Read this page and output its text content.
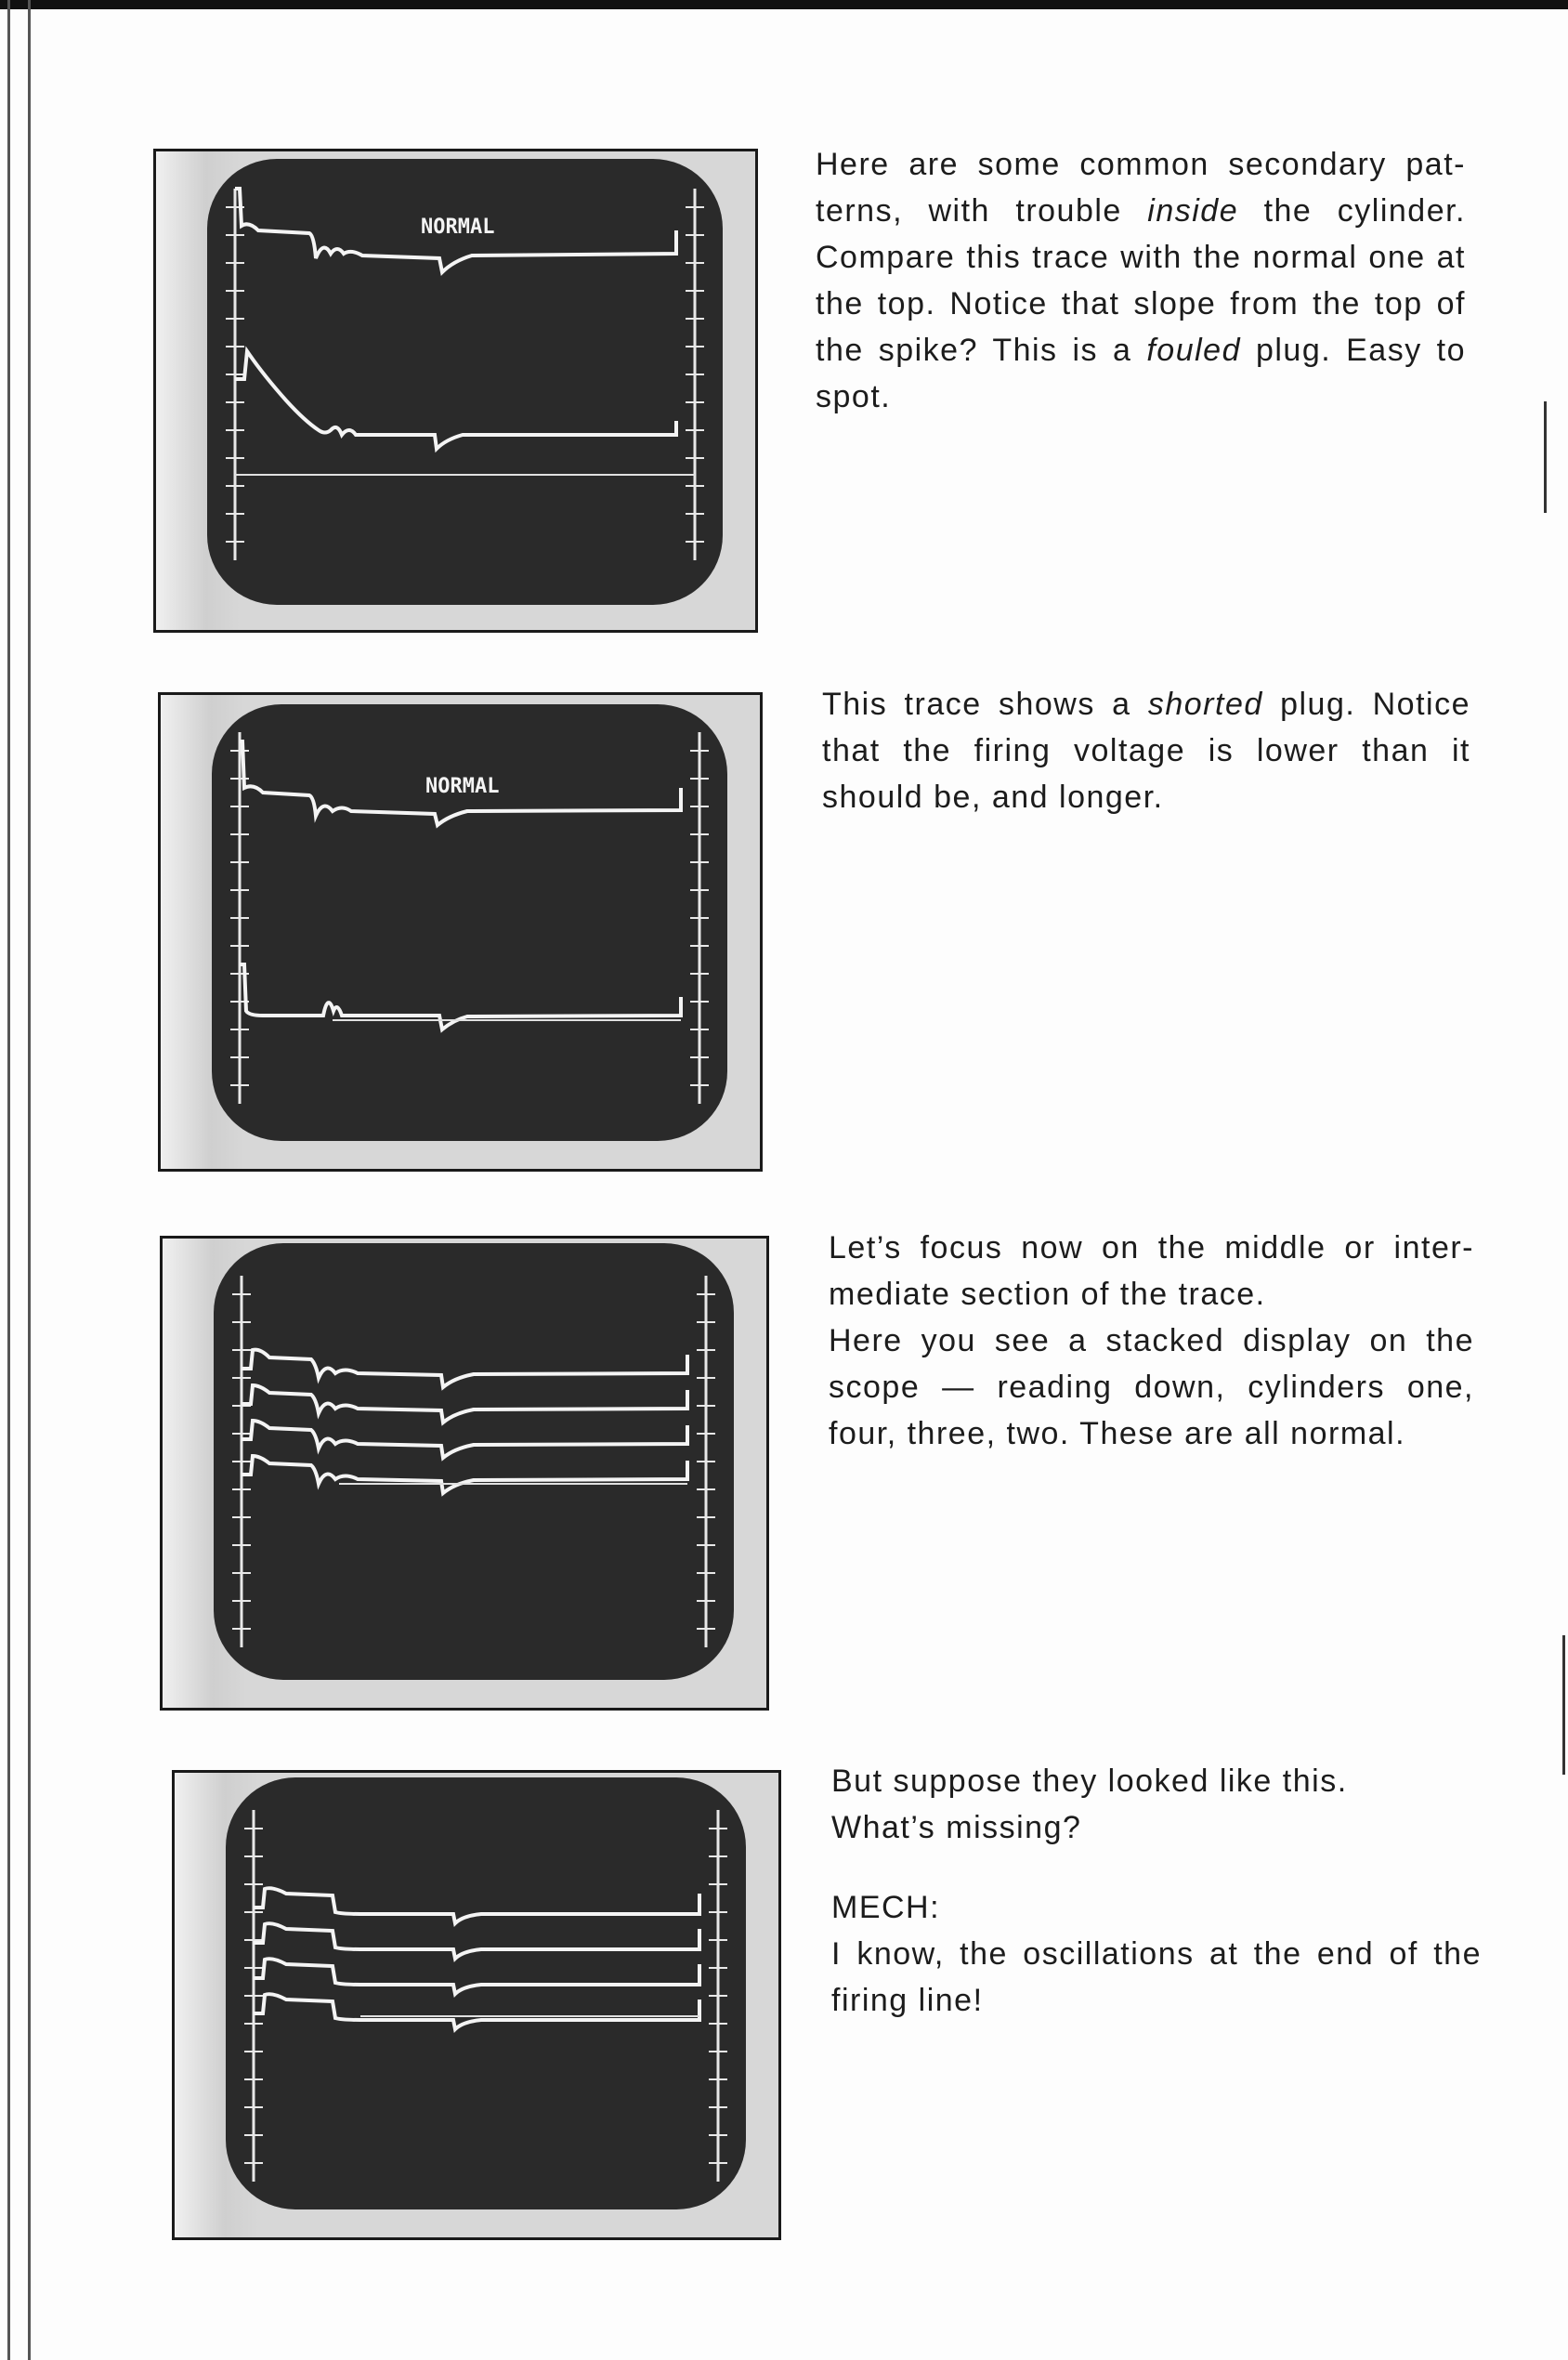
NORMAL

Here are some common secondary pat-terns, with trouble inside the cylinder. Compare this trace with the normal one at the top. Notice that slope from the top of the spike? This is a fouled plug. Easy to spot.

NORMAL

This trace shows a shorted plug. Notice that the firing voltage is lower than it should be, and longer.

Let’s focus now on the middle or inter-mediate section of the trace.

Here you see a stacked display on the scope — reading down, cylinders one, four, three, two. These are all normal.

But suppose they looked like this.

What’s missing?

MECH:

I know, the oscillations at the end of the firing line!
